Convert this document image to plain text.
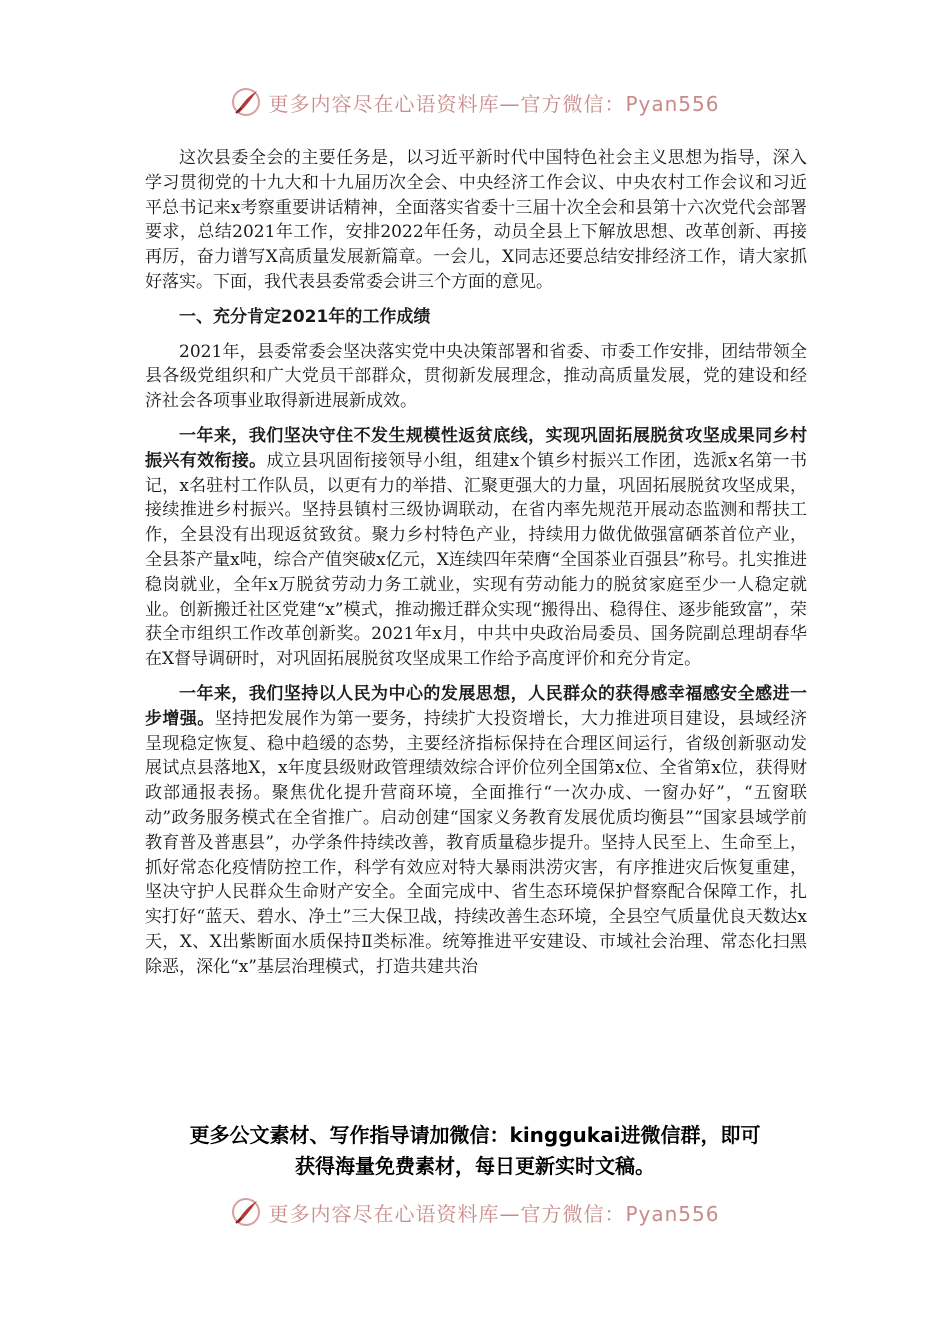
更多内容尽在心语资料库—官方微信：Pyan556

这次县委全会的主要任务是，以习近平新时代中国特色社会主义思想为指导，深入学习贯彻党的十九大和十九届历次全会、中央经济工作会议、中央农村工作会议和习近平总书记来x考察重要讲话精神，全面落实省委十三届十次全会和县第十六次党代会部署要求，总结2021年工作，安排2022年任务，动员全县上下解放思想、改革创新、再接再厉，奋力谱写X高质量发展新篇章。一会儿，X同志还要总结安排经济工作，请大家抓好落实。下面，我代表县委常委会讲三个方面的意见。

一、充分肯定2021年的工作成绩

2021年，县委常委会坚决落实党中央决策部署和省委、市委工作安排，团结带领全县各级党组织和广大党员干部群众，贯彻新发展理念，推动高质量发展，党的建设和经济社会各项事业取得新进展新成效。

一年来，我们坚决守住不发生规模性返贫底线，实现巩固拓展脱贫攻坚成果同乡村振兴有效衔接。成立县巩固衔接领导小组，组建x个镇乡村振兴工作团，选派x名第一书记，x名驻村工作队员，以更有力的举措、汇聚更强大的力量，巩固拓展脱贫攻坚成果，接续推进乡村振兴。坚持县镇村三级协调联动，在省内率先规范开展动态监测和帮扶工作，全县没有出现返贫致贫。聚力乡村特色产业，持续用力做优做强富硒茶首位产业，全县茶产量x吨，综合产值突破x亿元，X连续四年荣膺“全国茶业百强县”称号。扎实推进稳岗就业，全年x万脱贫劳动力务工就业，实现有劳动能力的脱贫家庭至少一人稳定就业。创新搬迁社区党建“x”模式，推动搬迁群众实现“搬得出、稳得住、逐步能致富”，荣获全市组织工作改革创新奖。2021年x月，中共中央政治局委员、国务院副总理胡春华在X督导调研时，对巩固拓展脱贫攻坚成果工作给予高度评价和充分肯定。

一年来，我们坚持以人民为中心的发展思想，人民群众的获得感幸福感安全感进一步增强。坚持把发展作为第一要务，持续扩大投资增长，大力推进项目建设，县域经济呈现稳定恢复、稳中趋缓的态势，主要经济指标保持在合理区间运行，省级创新驱动发展试点县落地X，x年度县级财政管理绩效综合评价位列全国第x位、全省第x位，获得财政部通报表扬。聚焦优化提升营商环境，全面推行“一次办成、一窗办好”，“五窗联动”政务服务模式在全省推广。启动创建“国家义务教育发展优质均衡县”“国家县域学前教育普及普惠县”，办学条件持续改善，教育质量稳步提升。坚持人民至上、生命至上，抓好常态化疫情防控工作，科学有效应对特大暴雨洪涝灾害，有序推进灾后恢复重建，坚决守护人民群众生命财产安全。全面完成中、省生态环境保护督察配合保障工作，扎实打好“蓝天、碧水、净土”三大保卫战，持续改善生态环境，全县空气质量优良天数达x天，X、X出紫断面水质保持Ⅱ类标准。统筹推进平安建设、市域社会治理、常态化扫黑除恶，深化“x”基层治理模式，打造共建共治

更多公文素材、写作指导请加微信：kinggukai进微信群，即可
获得海量免费素材，每日更新实时文稿。
更多内容尽在心语资料库—官方微信：Pyan556
